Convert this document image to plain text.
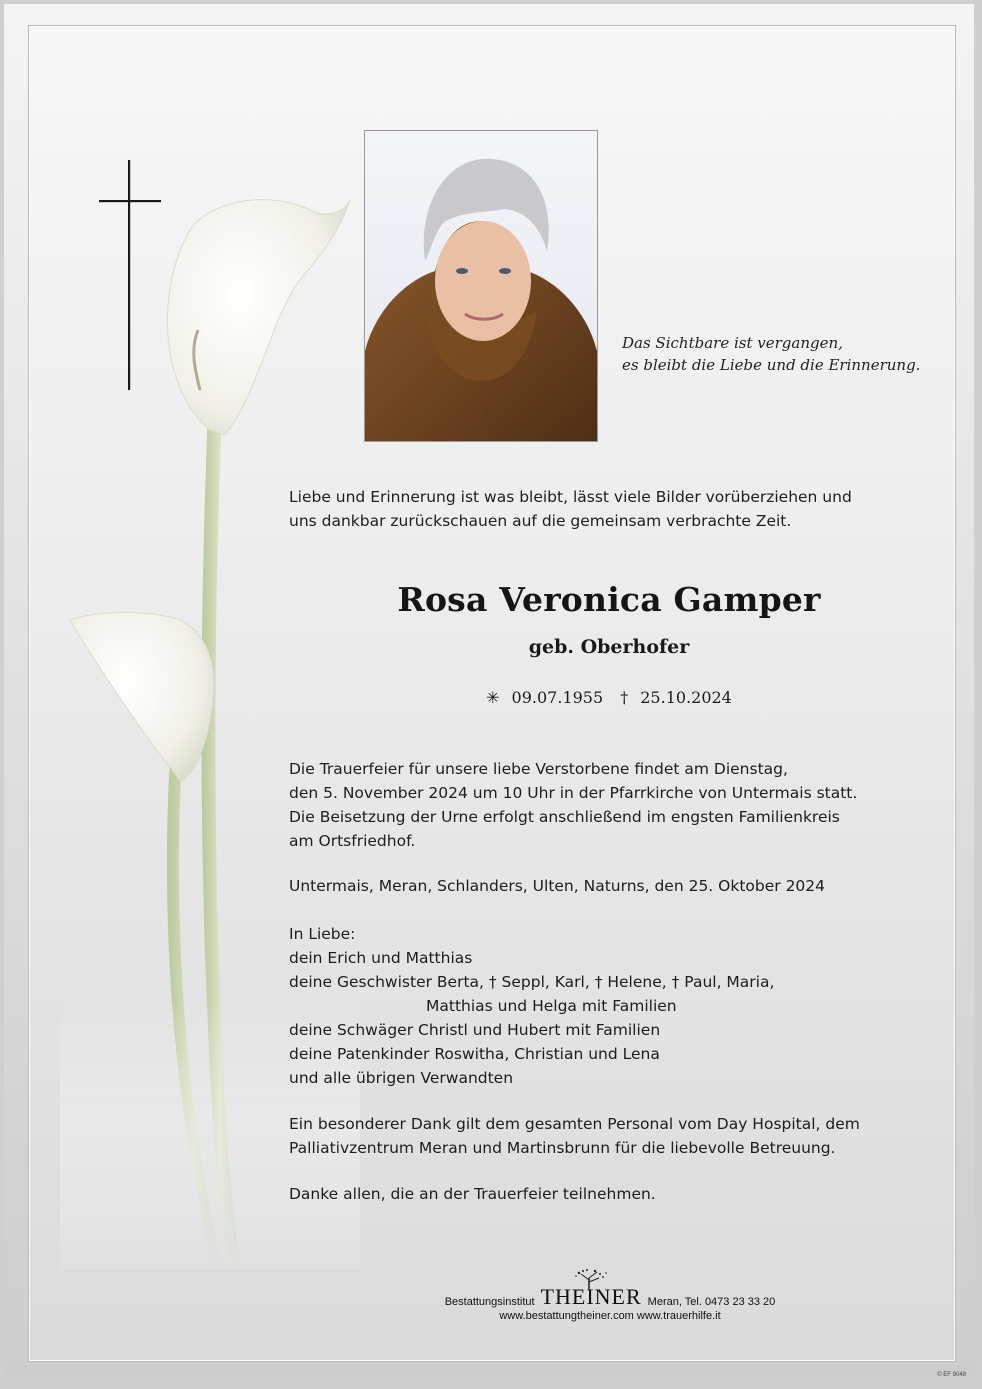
Das Sichtbare ist vergangen,
es bleibt die Liebe und die Erinnerung.
Liebe und Erinnerung ist was bleibt, lässt viele Bilder vorüberziehen und
uns dankbar zurückschauen auf die gemeinsam verbrachte Zeit.
Rosa Veronica Gamper
geb. Oberhofer
✳ 09.07.1955 † 25.10.2024
Die Trauerfeier für unsere liebe Verstorbene findet am Dienstag,
den 5. November 2024 um 10 Uhr in der Pfarrkirche von Untermais statt.
Die Beisetzung der Urne erfolgt anschließend im engsten Familienkreis
am Ortsfriedhof.
Untermais, Meran, Schlanders, Ulten, Naturns, den 25. Oktober 2024
In Liebe:
dein Erich und Matthias
deine Geschwister Berta, † Seppl, Karl, † Helene, † Paul, Maria,
Matthias und Helga mit Familien
deine Schwäger Christl und Hubert mit Familien
deine Patenkinder Roswitha, Christian und Lena
und alle übrigen Verwandten
Ein besonderer Dank gilt dem gesamten Personal vom Day Hospital, dem
Palliativzentrum Meran und Martinsbrunn für die liebevolle Betreuung.
Danke allen, die an der Trauerfeier teilnehmen.
Bestattungsinstitut THEINER Meran, Tel. 0473 23 33 20
www.bestattungtheiner.com www.trauerhilfe.it
© EF 9048
